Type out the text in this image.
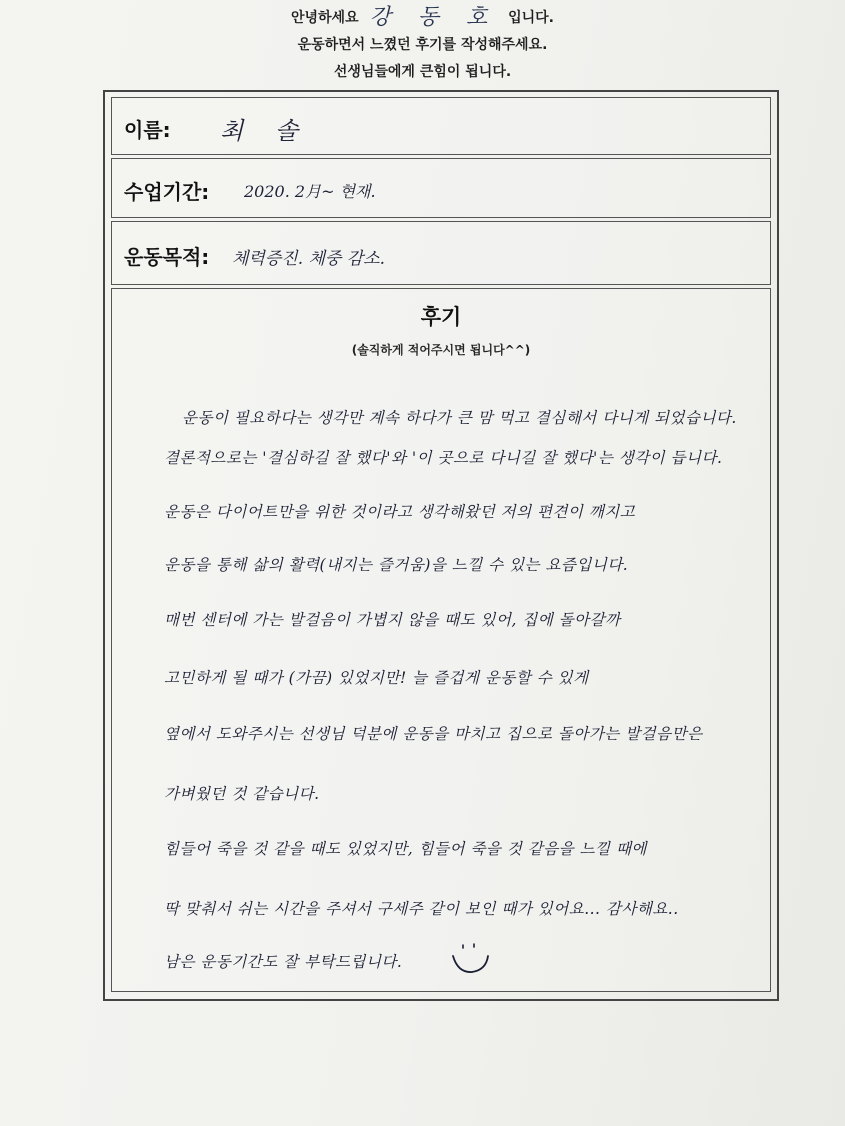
안녕하세요 강 동 호 입니다.
운동하면서 느꼈던 후기를 작성해주세요.
선생님들에게 큰힘이 됩니다.
이름: 최 솔
수업기간: 2020. 2月~ 현재.
운동목적: 체력증진. 체중 감소.
후기
(솔직하게 적어주시면 됩니다^^)
운동이 필요하다는 생각만 계속 하다가 큰 맘 먹고 결심해서 다니게 되었습니다.
결론적으로는 '결심하길 잘 했다'와 '이 곳으로 다니길 잘 했다'는 생각이 듭니다.
운동은 다이어트만을 위한 것이라고 생각해왔던 저의 편견이 깨지고
운동을 통해 삶의 활력(내지는 즐거움)을 느낄 수 있는 요즘입니다.
매번 센터에 가는 발걸음이 가볍지 않을 때도 있어, 집에 돌아갈까
고민하게 될 때가 (가끔) 있었지만! 늘 즐겁게 운동할 수 있게
옆에서 도와주시는 선생님 덕분에 운동을 마치고 집으로 돌아가는 발걸음만은
가벼웠던 것 같습니다.
힘들어 죽을 것 같을 때도 있었지만, 힘들어 죽을 것 같음을 느낄 때에
딱 맞춰서 쉬는 시간을 주셔서 구세주 같이 보인 때가 있어요... 감사해요..
남은 운동기간도 잘 부탁드립니다.
